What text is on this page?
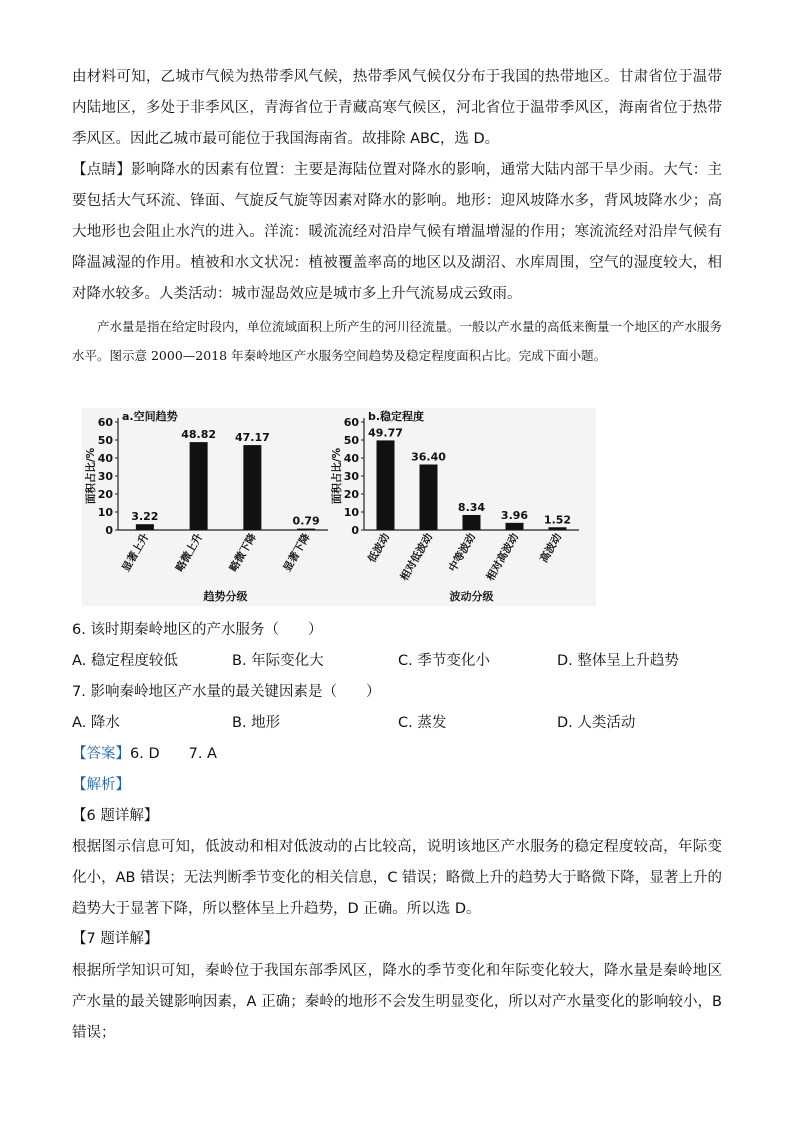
由材料可知，乙城市气候为热带季风气候，热带季风气候仅分布于我国的热带地区。甘肃省位于温带内陆地区，多处于非季风区，青海省位于青藏高寒气候区，河北省位于温带季风区，海南省位于热带季风区。因此乙城市最可能位于我国海南省。故排除 ABC，选 D。

【点睛】影响降水的因素有位置：主要是海陆位置对降水的影响，通常大陆内部干旱少雨。大气：主要包括大气环流、锋面、气旋反气旋等因素对降水的影响。地形：迎风坡降水多，背风坡降水少；高大地形也会阻止水汽的进入。洋流：暖流流经对沿岸气候有增温增湿的作用；寒流流经对沿岸气候有降温减湿的作用。植被和水文状况：植被覆盖率高的地区以及湖沼、水库周围，空气的湿度较大，相对降水较多。人类活动：城市湿岛效应是城市多上升气流易成云致雨。

产水量是指在给定时段内，单位流域面积上所产生的河川径流量。一般以产水量的高低来衡量一个地区的产水服务水平。图示意 2000—2018 年秦岭地区产水服务空间趋势及稳定程度面积占比。完成下面小题。

0
10
20
30
40
50
60
面积占比/%
a.空间趋势
3.22
显著上升
48.82
略微上升
47.17
略微下降
0.79
显著下降
趋势分级
0
10
20
30
40
50
60
面积占比/%
b.稳定程度
49.77
低波动
36.40
相对低波动
8.34
中等波动
3.96
相对高波动
1.52
高波动
波动分级
6. 该时期秦岭地区的产水服务（　　）
A. 稳定程度较低	B. 年际变化大	C. 季节变化小	D. 整体呈上升趋势
7. 影响秦岭地区产水量的最关键因素是（　　）
A. 降水	B. 地形	C. 蒸发	D. 人类活动
【答案】6. D　　7. A
【解析】
【6 题详解】

根据图示信息可知，低波动和相对低波动的占比较高，说明该地区产水服务的稳定程度较高，年际变化小，AB 错误；无法判断季节变化的相关信息，C 错误；略微上升的趋势大于略微下降，显著上升的趋势大于显著下降，所以整体呈上升趋势，D 正确。所以选 D。

【7 题详解】

根据所学知识可知，秦岭位于我国东部季风区，降水的季节变化和年际变化较大，降水量是秦岭地区产水量的最关键影响因素，A 正确；秦岭的地形不会发生明显变化，所以对产水量变化的影响较小，B 错误；
